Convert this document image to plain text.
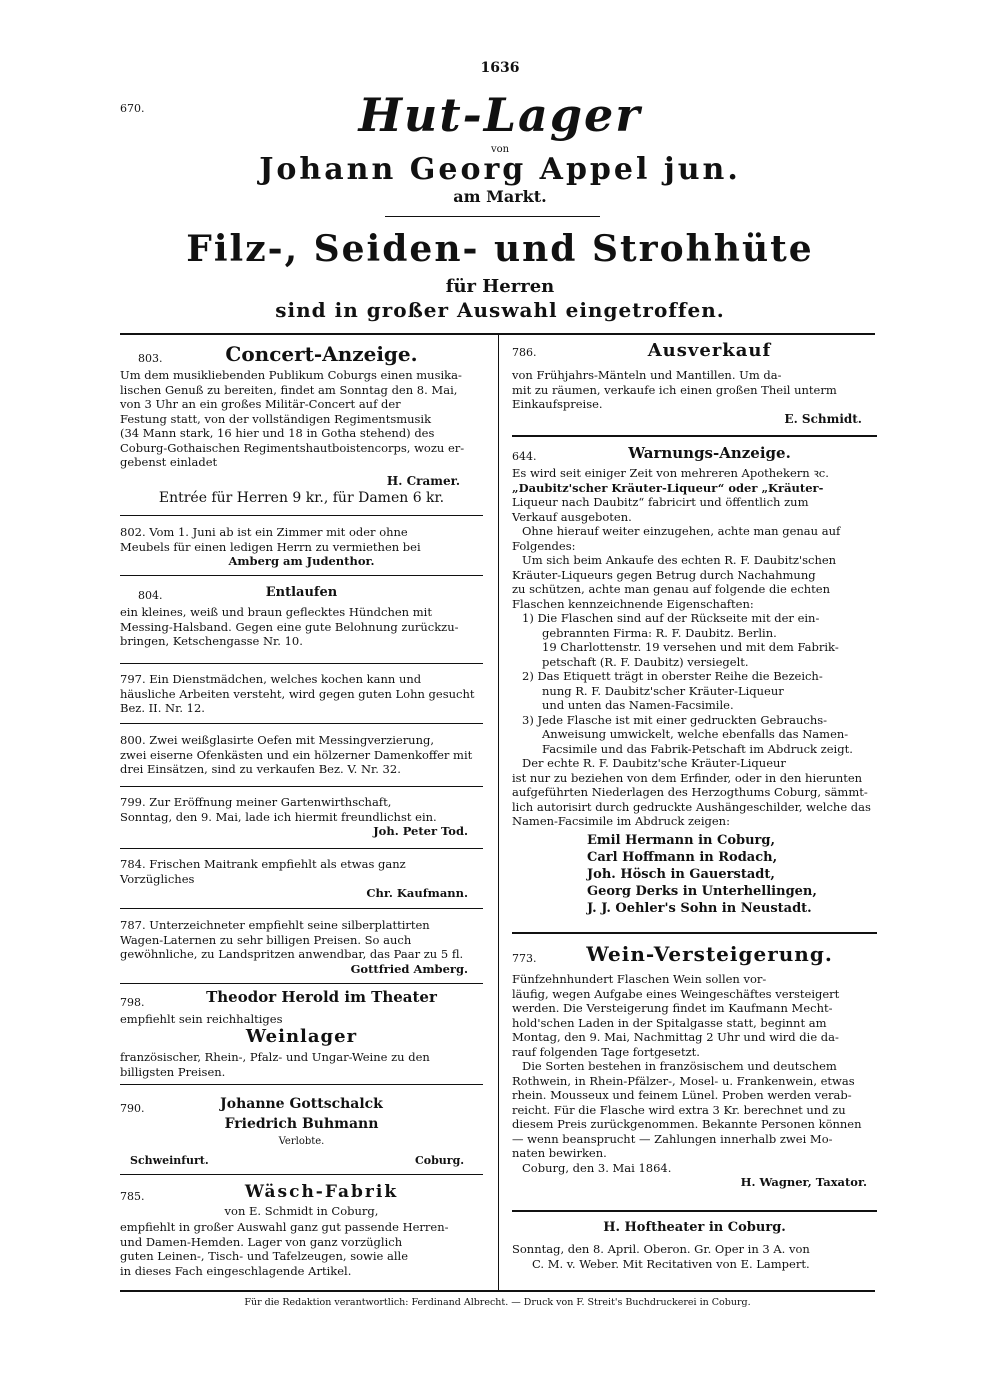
1636
670.	Hut-Lager
von
Johann Georg Appel jun.
am Markt.
Filz-, Seiden- und Strohhüte
für Herren
sind in großer Auswahl eingetroffen.
803.	Concert-Anzeige.
Um dem musikliebenden Publikum Coburgs einen musika-
lischen Genuß zu bereiten, findet am Sonntag den 8. Mai,
von 3 Uhr an ein großes Militär-Concert auf der
Festung statt, von der vollständigen Regimentsmusik
(34 Mann stark, 16 hier und 18 in Gotha stehend) des
Coburg-Gothaischen Regimentshautboistencorps, wozu er-
gebenst einladet
H. Cramer.
Entrée für Herren 9 kr., für Damen 6 kr.
802. Vom 1. Juni ab ist ein Zimmer mit oder ohne
Meubels für einen ledigen Herrn zu vermiethen bei
Amberg am Judenthor.
804.	Entlaufen
ein kleines, weiß und braun geflecktes Hündchen mit
Messing-Halsband. Gegen eine gute Belohnung zurückzu-
bringen, Ketschengasse Nr. 10.
797. Ein Dienstmädchen, welches kochen kann und
häusliche Arbeiten versteht, wird gegen guten Lohn gesucht
Bez. II. Nr. 12.
800. Zwei weißglasirte Oefen mit Messingverzierung,
zwei eiserne Ofenkästen und ein hölzerner Damenkoffer mit
drei Einsätzen, sind zu verkaufen Bez. V. Nr. 32.
799. Zur Eröffnung meiner Gartenwirthschaft,
Sonntag, den 9. Mai, lade ich hiermit freundlichst ein.
Joh. Peter Tod.
784. Frischen Maitrank empfiehlt als etwas ganz
Vorzügliches
Chr. Kaufmann.
787. Unterzeichneter empfiehlt seine silberplattirten
Wagen-Laternen zu sehr billigen Preisen. So auch
gewöhnliche, zu Landspritzen anwendbar, das Paar zu 5 fl.
Gottfried Amberg.
798.	Theodor Herold im Theater
empfiehlt sein reichhaltiges
Weinlager
französischer, Rhein-, Pfalz- und Ungar-Weine zu den
billigsten Preisen.
790.	Johanne Gottschalck
Friedrich Buhmann
Verlobte.
Schweinfurt.	Coburg.
785.	Wäsch-Fabrik
von E. Schmidt in Coburg,
empfiehlt in großer Auswahl ganz gut passende Herren-
und Damen-Hemden. Lager von ganz vorzüglich
guten Leinen-, Tisch- und Tafelzeugen, sowie alle
in dieses Fach eingeschlagende Artikel.
786.	Ausverkauf
von Frühjahrs-Mänteln und Mantillen. Um da-
mit zu räumen, verkaufe ich einen großen Theil unterm
Einkaufspreise.
E. Schmidt.
644.	Warnungs-Anzeige.
Es wird seit einiger Zeit von mehreren Apothekern ꝛc.
„Daubitz'scher Kräuter-Liqueur“ oder „Kräuter-
Liqueur nach Daubitz“ fabricirt und öffentlich zum
Verkauf ausgeboten.
Ohne hierauf weiter einzugehen, achte man genau auf
Folgendes:
Um sich beim Ankaufe des echten R. F. Daubitz'schen
Kräuter-Liqueurs gegen Betrug durch Nachahmung
zu schützen, achte man genau auf folgende die echten
Flaschen kennzeichnende Eigenschaften:
1) Die Flaschen sind auf der Rückseite mit der ein-
gebrannten Firma: R. F. Daubitz. Berlin.
19 Charlottenstr. 19 versehen und mit dem Fabrik-
petschaft (R. F. Daubitz) versiegelt.
2) Das Etiquett trägt in oberster Reihe die Bezeich-
nung R. F. Daubitz'scher Kräuter-Liqueur
und unten das Namen-Facsimile.
3) Jede Flasche ist mit einer gedruckten Gebrauchs-
Anweisung umwickelt, welche ebenfalls das Namen-
Facsimile und das Fabrik-Petschaft im Abdruck zeigt.
Der echte R. F. Daubitz'sche Kräuter-Liqueur
ist nur zu beziehen von dem Erfinder, oder in den hierunten
aufgeführten Niederlagen des Herzogthums Coburg, sämmt-
lich autorisirt durch gedruckte Aushängeschilder, welche das
Namen-Facsimile im Abdruck zeigen:
Emil Hermann in Coburg,
Carl Hoffmann in Rodach,
Joh. Hösch in Gauerstadt,
Georg Derks in Unterhellingen,
J. J. Oehler's Sohn in Neustadt.
773.	Wein-Versteigerung.
Fünfzehnhundert Flaschen Wein sollen vor-
läufig, wegen Aufgabe eines Weingeschäftes versteigert
werden. Die Versteigerung findet im Kaufmann Mecht-
hold'schen Laden in der Spitalgasse statt, beginnt am
Montag, den 9. Mai, Nachmittag 2 Uhr und wird die da-
rauf folgenden Tage fortgesetzt.
Die Sorten bestehen in französischem und deutschem
Rothwein, in Rhein-Pfälzer-, Mosel- u. Frankenwein, etwas
rhein. Mousseux und feinem Lünel. Proben werden verab-
reicht. Für die Flasche wird extra 3 Kr. berechnet und zu
diesem Preis zurückgenommen. Bekannte Personen können
— wenn beansprucht — Zahlungen innerhalb zwei Mo-
naten bewirken.
Coburg, den 3. Mai 1864.
H. Wagner, Taxator.
H. Hoftheater in Coburg.
Sonntag, den 8. April. Oberon. Gr. Oper in 3 A. von
C. M. v. Weber. Mit Recitativen von E. Lampert.
Für die Redaktion verantwortlich: Ferdinand Albrecht. — Druck von F. Streit's Buchdruckerei in Coburg.
